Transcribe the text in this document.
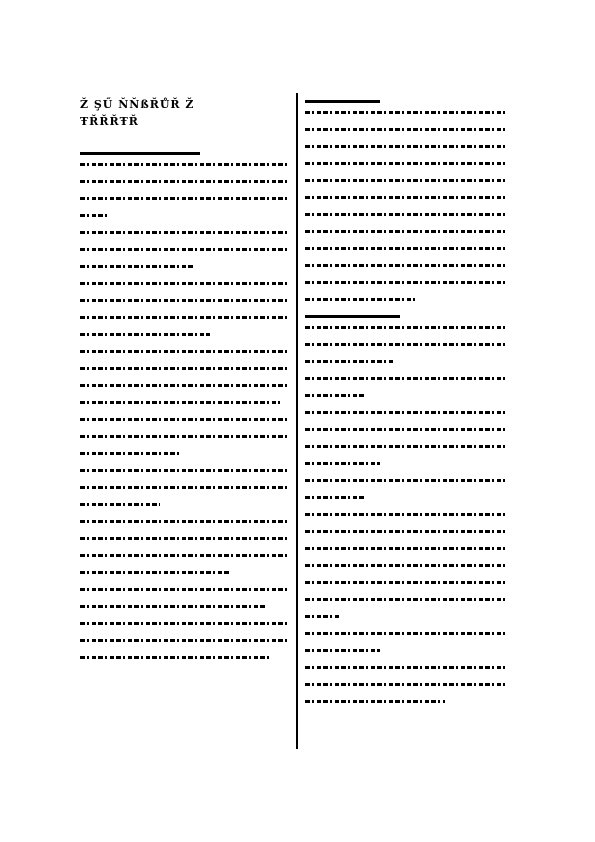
Ž ŞŰ ŇŇßŘŮŘ Ž
ŦŘŘŘŦŘ
